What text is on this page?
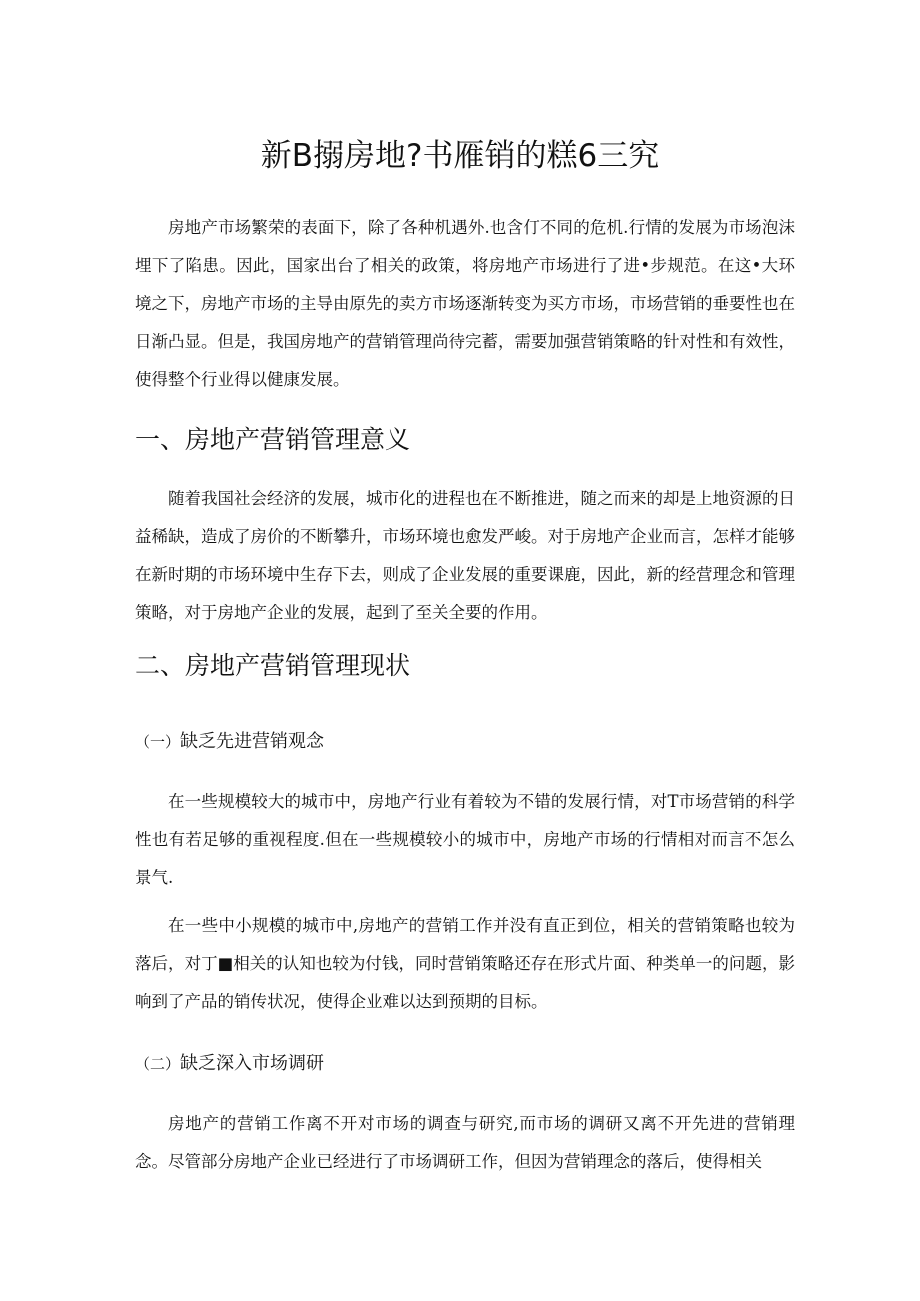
新B搦房地?书雁销的糕6三究

房地产市场繁荣的表面下，除了各种机遇外.也含仃不同的危机.行情的发展为市场泡沫埋下了陷患。因此，国家出台了相关的政策，将房地产市场进行了进•步规范。在这•大环境之下，房地产市场的主导由原先的卖方市场逐渐转变为买方市场，市场营销的垂要性也在日渐凸显。但是，我国房地产的营销管理尚待完蓄，需要加强营销策略的针对性和有效性，使得整个行业得以健康发展。

一、房地产营销管理意义

随着我国社会经济的发展，城市化的进程也在不断推进，随之而来的却是上地资源的日益稀缺，造成了房价的不断攀升，市场环境也愈发严峻。对于房地产企业而言，怎样才能够在新时期的市场环境中生存下去，则成了企业发展的重要课鹿，因此，新的经营理念和管理策略，对于房地产企业的发展，起到了至关全要的作用。

二、房地产营销管理现状
（一）缺乏先进营销观念

在一些规模较大的城市中，房地产行业有着较为不错的发展行情，对T市场营销的科学性也有若足够的重视程度.但在一些规模较小的城市中，房地产市场的行情相对而言不怎么景气.

在一些中小规模的城市中,房地产的营销工作并没有直正到位，相关的营销策略也较为落后，对丁■相关的认知也较为付钱，同时营销策略还存在形式片面、种类单一的问题，影响到了产品的销传状况，使得企业难以达到预期的目标。

（二）缺乏深入市场调研

房地产的营销工作离不开对市场的调查与研究,而市场的调研又离不开先进的营销理念。尽管部分房地产企业已经进行了市场调研工作，但因为营销理念的落后，使得相关
